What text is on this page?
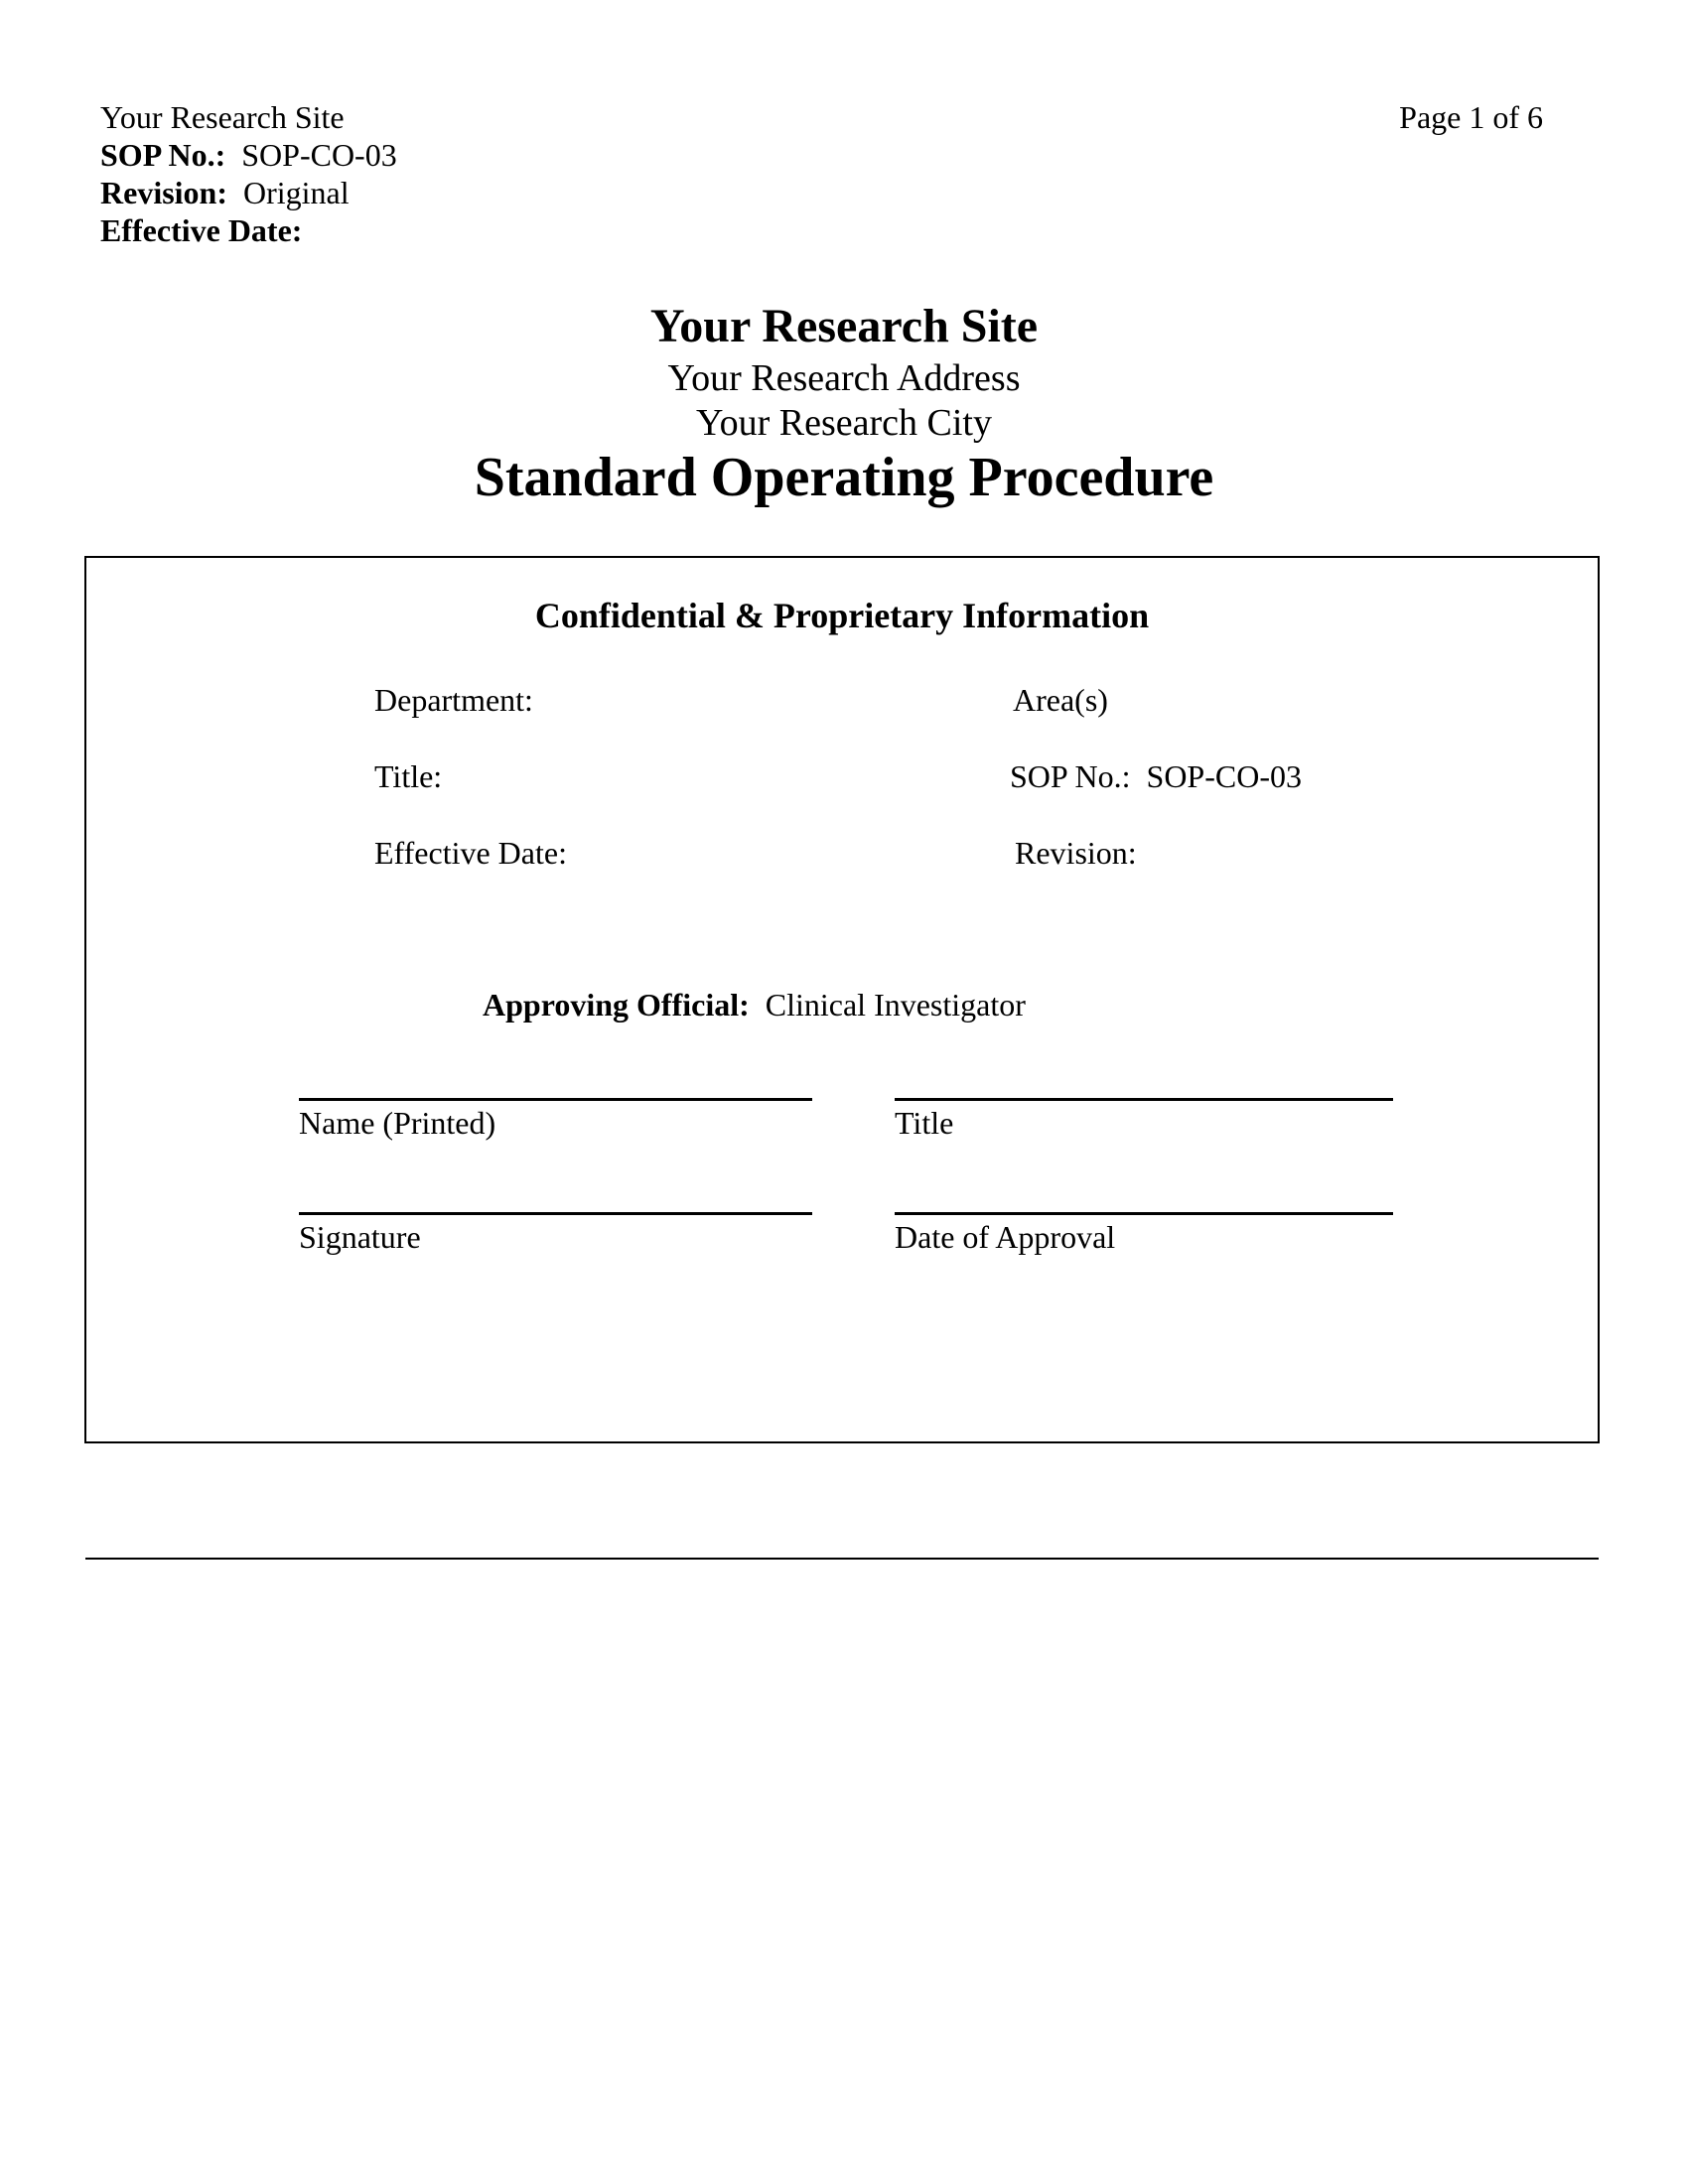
Your Research Site	Page 1 of 6
SOP No.: SOP-CO-03
Revision: Original
Effective Date:
Your Research Site
Your Research Address
Your Research City
Standard Operating Procedure
Confidential & Proprietary Information
Department:	Area(s)
Title:	SOP No.: SOP-CO-03
Effective Date:	Revision:
Approving Official: Clinical Investigator
Name (Printed)	Title
Signature	Date of Approval
